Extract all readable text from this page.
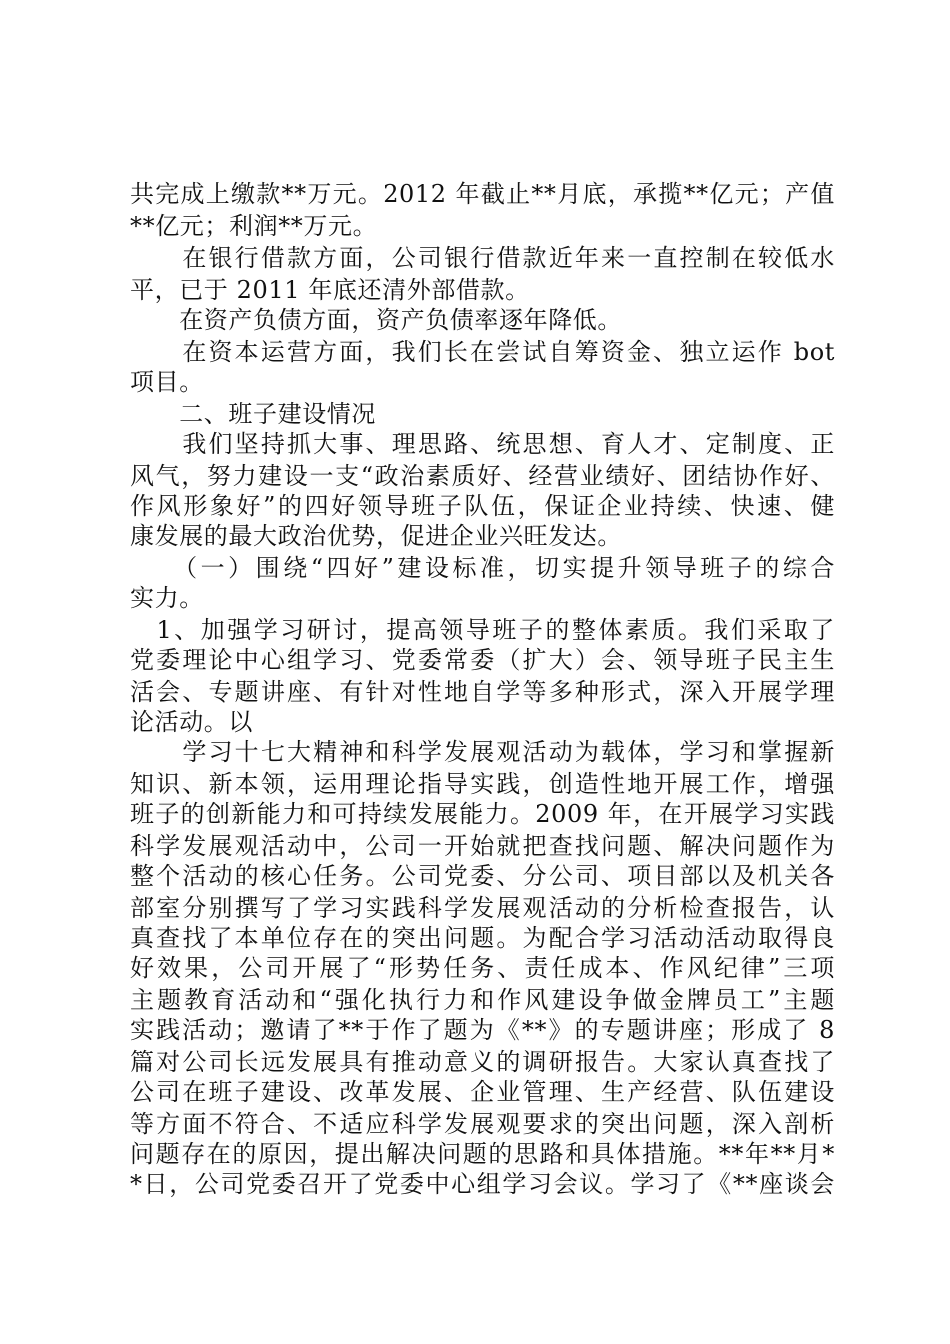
共完成上缴款**万元。2012 年截止**月底，承揽**亿元；产值
**亿元；利润**万元。
　　在银行借款方面，公司银行借款近年来一直控制在较低水
平，已于 2011 年底还清外部借款。
　　在资产负债方面，资产负债率逐年降低。
　　在资本运营方面，我们长在尝试自筹资金、独立运作 bot
项目。
　　二、班子建设情况
　　我们坚持抓大事、理思路、统思想、育人才、定制度、正
风气，努力建设一支“政治素质好、经营业绩好、团结协作好、
作风形象好”的四好领导班子队伍，保证企业持续、快速、健
康发展的最大政治优势，促进企业兴旺发达。
　　（一）围绕“四好”建设标准，切实提升领导班子的综合
实力。
　1、加强学习研讨，提高领导班子的整体素质。我们采取了
党委理论中心组学习、党委常委（扩大）会、领导班子民主生
活会、专题讲座、有针对性地自学等多种形式，深入开展学理
论活动。以
　　学习十七大精神和科学发展观活动为载体，学习和掌握新
知识、新本领，运用理论指导实践，创造性地开展工作，增强
班子的创新能力和可持续发展能力。2009 年，在开展学习实践
科学发展观活动中，公司一开始就把查找问题、解决问题作为
整个活动的核心任务。公司党委、分公司、项目部以及机关各
部室分别撰写了学习实践科学发展观活动的分析检查报告，认
真查找了本单位存在的突出问题。为配合学习活动活动取得良
好效果，公司开展了“形势任务、责任成本、作风纪律”三项
主题教育活动和“强化执行力和作风建设争做金牌员工”主题
实践活动；邀请了**于作了题为《**》的专题讲座；形成了 8
篇对公司长远发展具有推动意义的调研报告。大家认真查找了
公司在班子建设、改革发展、企业管理、生产经营、队伍建设
等方面不符合、不适应科学发展观要求的突出问题，深入剖析
问题存在的原因，提出解决问题的思路和具体措施。**年**月*
*日，公司党委召开了党委中心组学习会议。学习了《**座谈会
